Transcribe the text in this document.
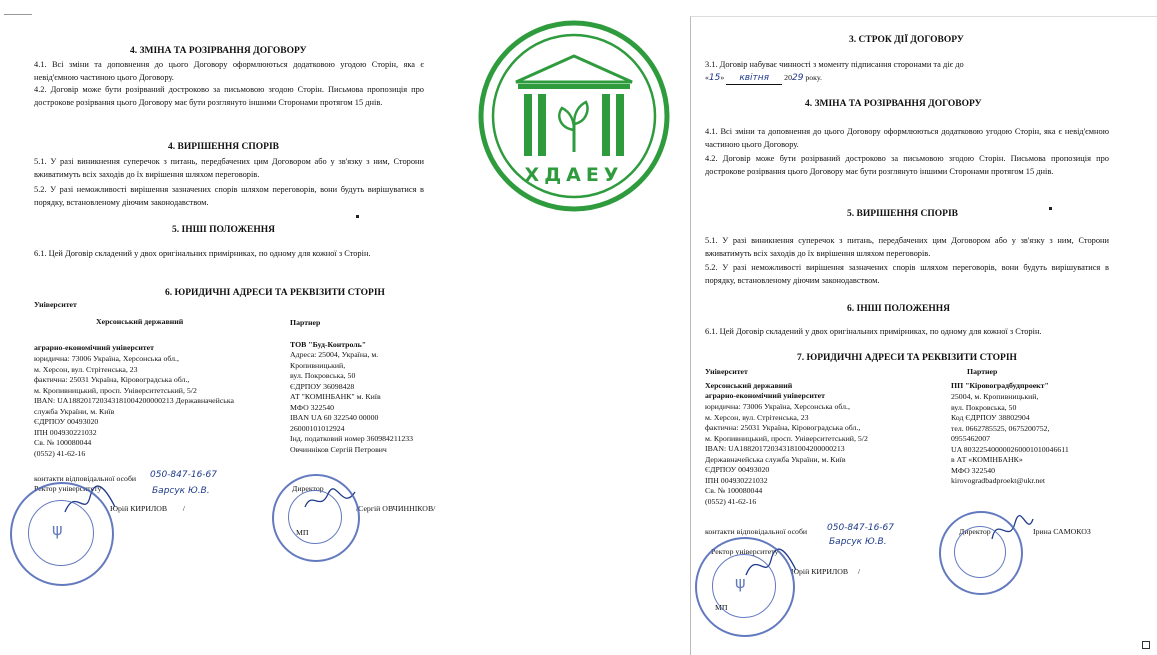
4. ЗМІНА ТА РОЗІРВАННЯ ДОГОВОРУ
4.1. Всі зміни та доповнення до цього Договору оформлюються додатковою угодою Сторін, яка є невід'ємною частиною цього Договору.
4.2. Договір може бути розірваний достроково за письмовою згодою Сторін. Письмова пропозиція про дострокове розірвання цього Договору має бути розглянуто іншими Сторонами протягом 15 днів.
4. ВИРІШЕННЯ СПОРІВ
5.1. У разі виникнення суперечок з питань, передбачених цим Договором або у зв'язку з ним, Сторони вживатимуть всіх заходів до їх вирішення шляхом переговорів.
5.2. У разі неможливості вирішення зазначених спорів шляхом переговорів, вони будуть вирішуватися в порядку, встановленому діючим законодавством.
5. ІНШІ ПОЛОЖЕННЯ
6.1. Цей Договір складений у двох оригінальних примірниках, по одному для кожної з Сторін.
6. ЮРИДИЧНІ АДРЕСИ ТА РЕКВІЗИТИ СТОРІН
Університет
Херсонський державний
аграрно-економічний університет
юридична: 73006 Україна, Херсонська обл.,
м. Херсон, вул. Стрітенська, 23
фактична: 25031 Україна, Кіровоградська обл.,
м. Кропивницький, просп. Університетський, 5/2
IBAN: UA188201720343181004200000213 Державначейська
служба України, м. Київ
ЄДРПОУ 00493020
ІПН 004930221032
Св. № 100080044
(0552) 41-62-16
Партнер
ТОВ "Буд-Контроль"
Адреса: 25004, Україна, м.
Кропивницький,
вул. Покровська, 50
ЄДРПОУ 36098428
АТ "КОМІНБАНК" м. Київ
МФО 322540
IBAN UA 60 322540 00000
26000101012924
Інд. податковий номер 360984211233
Овчинніков Сергій Петрович
контакти відповідальної особи 050-847-16-67
Барсук Ю.В.
Ректор університету
Юрій КИРИЛОВ        /
Директор
/Сергій ОВЧИННІКОВ/
МП
ψ
ХДАЕУ
3. СТРОК ДІЇ ДОГОВОРУ
3.1. Договір набуває чинності з моменту підписання сторонами та діє до
«15» квітня 2029 року.
4. ЗМІНА ТА РОЗІРВАННЯ ДОГОВОРУ
4.1. Всі зміни та доповнення до цього Договору оформлюються додатковою угодою Сторін, яка є невід'ємною частиною цього Договору.
4.2. Договір може бути розірваний достроково за письмовою згодою Сторін. Письмова пропозиція про дострокове розірвання цього Договору має бути розглянуто іншими Сторонами протягом 15 днів.
5. ВИРІШЕННЯ СПОРІВ
5.1. У разі виникнення суперечок з питань, передбачених цим Договором або у зв'язку з ним, Сторони вживатимуть всіх заходів до їх вирішення шляхом переговорів.
5.2. У разі неможливості вирішення зазначених спорів шляхом переговорів, вони будуть вирішуватися в порядку, встановленому діючим законодавством.
6. ІНШІ ПОЛОЖЕННЯ
6.1. Цей Договір складений у двох оригінальних примірниках, по одному для кожної з Сторін.
7. ЮРИДИЧНІ АДРЕСИ ТА РЕКВІЗИТИ СТОРІН
Університет	Партнер
Херсонський державний
аграрно-економічний університет
юридична: 73006 Україна, Херсонська обл.,
м. Херсон, вул. Стрітенська, 23
фактична: 25031 Україна, Кіровоградська обл.,
м. Кропивницький, просп. Університетський, 5/2
IBAN: UA188201720343181004200000213
Державначейська служба України, м. Київ
ЄДРПОУ 00493020
ІПН 004930221032
Св. № 100080044
(0552) 41-62-16
ПП "Кіровоградбудпроект"
25004, м. Кропивницький,
вул. Покровська, 50
Код ЄДРПОУ 38802904
тел. 0662785525, 0675200752,
0955462007
UA 803225400000260001010046611
в АТ «КОМІНБАНК»
МФО 322540
kirovogradbadproekt@ukr.net
контакти відповідальної особи 050-847-16-67
Барсук Ю.В.
Ректор університету
Юрій КИРИЛОВ     /
Директор	Ірина САМОКОЗ
МП
ψ
